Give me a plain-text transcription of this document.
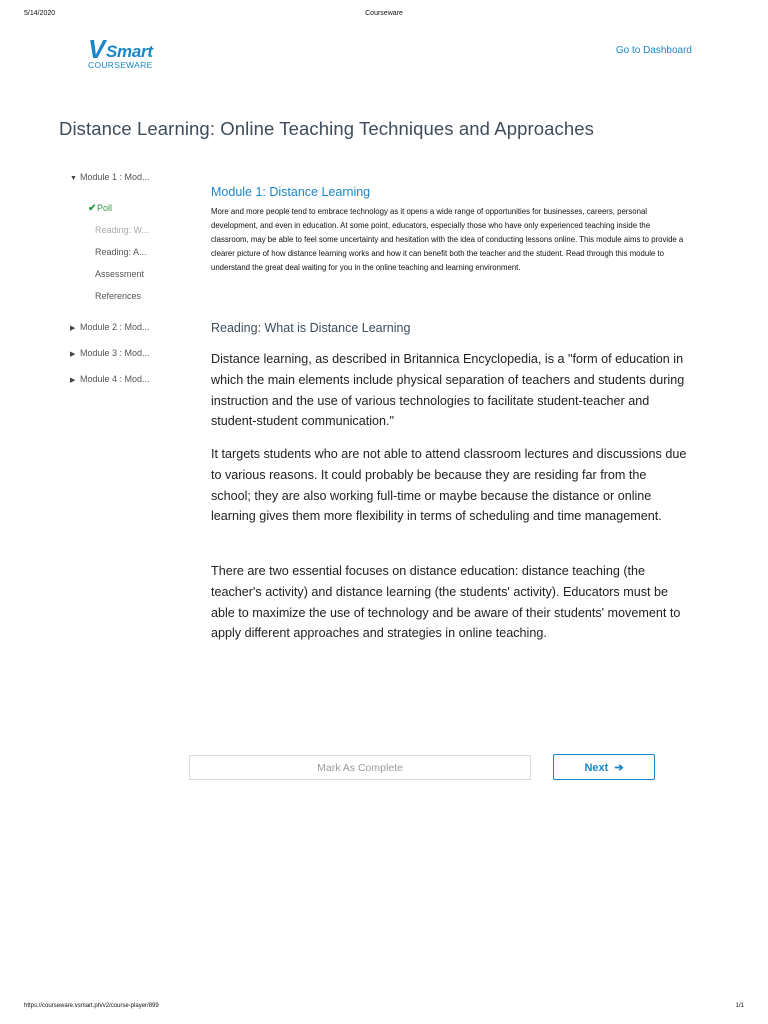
5/14/2020	Courseware
V Smart
COURSEWARE
Go to Dashboard
Distance Learning: Online Teaching Techniques and Approaches
▼ Module 1 : Mod...
✔Poll
Reading: W...
Reading: A...
Assessment
References
▶ Module 2 : Mod...
▶ Module 3 : Mod...
▶ Module 4 : Mod...
Module 1: Distance Learning

More and more people tend to embrace technology as it opens a wide range of opportunities for businesses, careers, personal development, and even in education. At some point, educators, especially those who have only experienced teaching inside the classroom, may be able to feel some uncertainty and hesitation with the idea of conducting lessons online. This module aims to provide a clearer picture of how distance learning works and how it can benefit both the teacher and the student. Read through this module to understand the great deal waiting for you in the online teaching and learning environment.

Reading: What is Distance Learning

Distance learning, as described in Britannica Encyclopedia, is a "form of education in which the main elements include physical separation of teachers and students during instruction and the use of various technologies to facilitate student-teacher and student-student communication."

It targets students who are not able to attend classroom lectures and discussions due to various reasons. It could probably be because they are residing far from the school; they are also working full-time or maybe because the distance or online learning gives them more flexibility in terms of scheduling and time management.

There are two essential focuses on distance education: distance teaching (the teacher's activity) and distance learning (the students' activity). Educators must be able to maximize the use of technology and be aware of their students' movement to apply different approaches and strategies in online teaching.

Mark As Complete	Next ➔
https://courseware.vsmart.ph/v2/course-player/899	1/1
